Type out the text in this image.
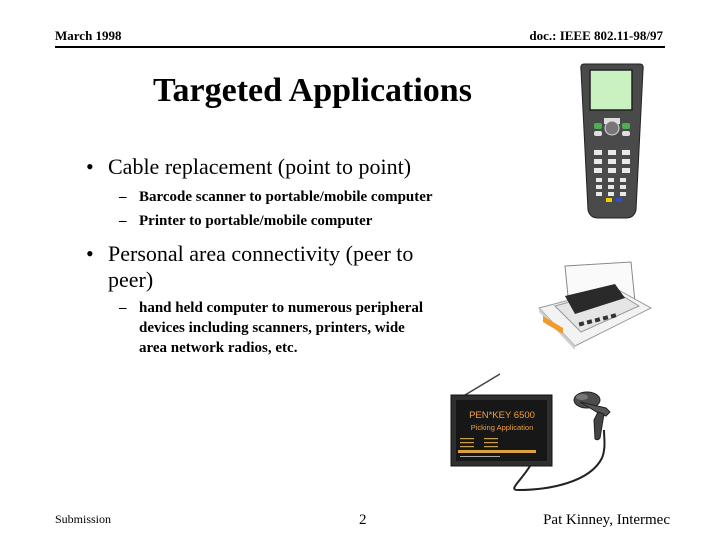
March 1998	doc.: IEEE 802.11-98/97
Targeted Applications
• Cable replacement (point to point)
– Barcode scanner to portable/mobile computer
– Printer to portable/mobile computer
• Personal area connectivity (peer to
peer)
– hand held computer to numerous peripheral
devices including scanners, printers, wide
area network radios, etc.
PEN*KEY 6500
Picking Application
Submission	2	Pat Kinney, Intermec
